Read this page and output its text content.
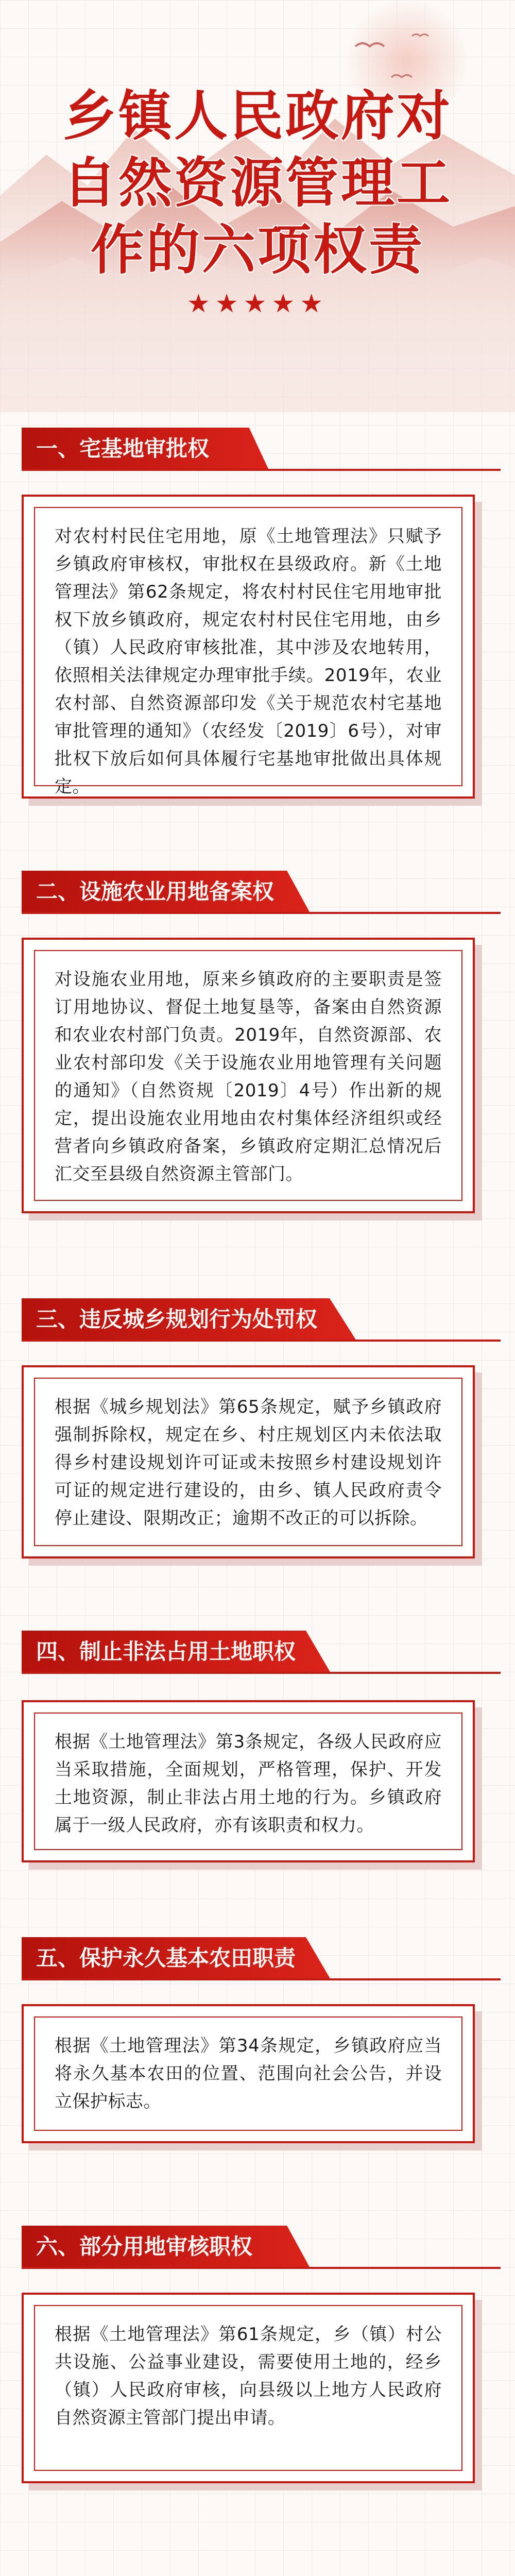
乡镇人民政府对
自然资源管理工
作的六项权责
★★★★★
一、宅基地审批权

对农村村民住宅用地，原《土地管理法》只赋予乡镇政府审核权，审批权在县级政府。新《土地管理法》第62条规定，将农村村民住宅用地审批权下放乡镇政府，规定农村村民住宅用地，由乡（镇）人民政府审核批准，其中涉及农地转用，依照相关法律规定办理审批手续。2019年，农业农村部、自然资源部印发《关于规范农村宅基地审批管理的通知》（农经发〔2019〕6号），对审批权下放后如何具体履行宅基地审批做出具体规定。

二、设施农业用地备案权

对设施农业用地，原来乡镇政府的主要职责是签订用地协议、督促土地复垦等，备案由自然资源和农业农村部门负责。2019年，自然资源部、农业农村部印发《关于设施农业用地管理有关问题的通知》（自然资规〔2019〕4号）作出新的规定，提出设施农业用地由农村集体经济组织或经营者向乡镇政府备案，乡镇政府定期汇总情况后汇交至县级自然资源主管部门。

三、违反城乡规划行为处罚权

根据《城乡规划法》第65条规定，赋予乡镇政府强制拆除权，规定在乡、村庄规划区内未依法取得乡村建设规划许可证或未按照乡村建设规划许可证的规定进行建设的，由乡、镇人民政府责令停止建设、限期改正；逾期不改正的可以拆除。

四、制止非法占用土地职权

根据《土地管理法》第3条规定，各级人民政府应当采取措施，全面规划，严格管理，保护、开发土地资源，制止非法占用土地的行为。乡镇政府属于一级人民政府，亦有该职责和权力。

五、保护永久基本农田职责

根据《土地管理法》第34条规定，乡镇政府应当将永久基本农田的位置、范围向社会公告，并设立保护标志。

六、部分用地审核职权

根据《土地管理法》第61条规定，乡（镇）村公共设施、公益事业建设，需要使用土地的，经乡（镇）人民政府审核，向县级以上地方人民政府自然资源主管部门提出申请。
